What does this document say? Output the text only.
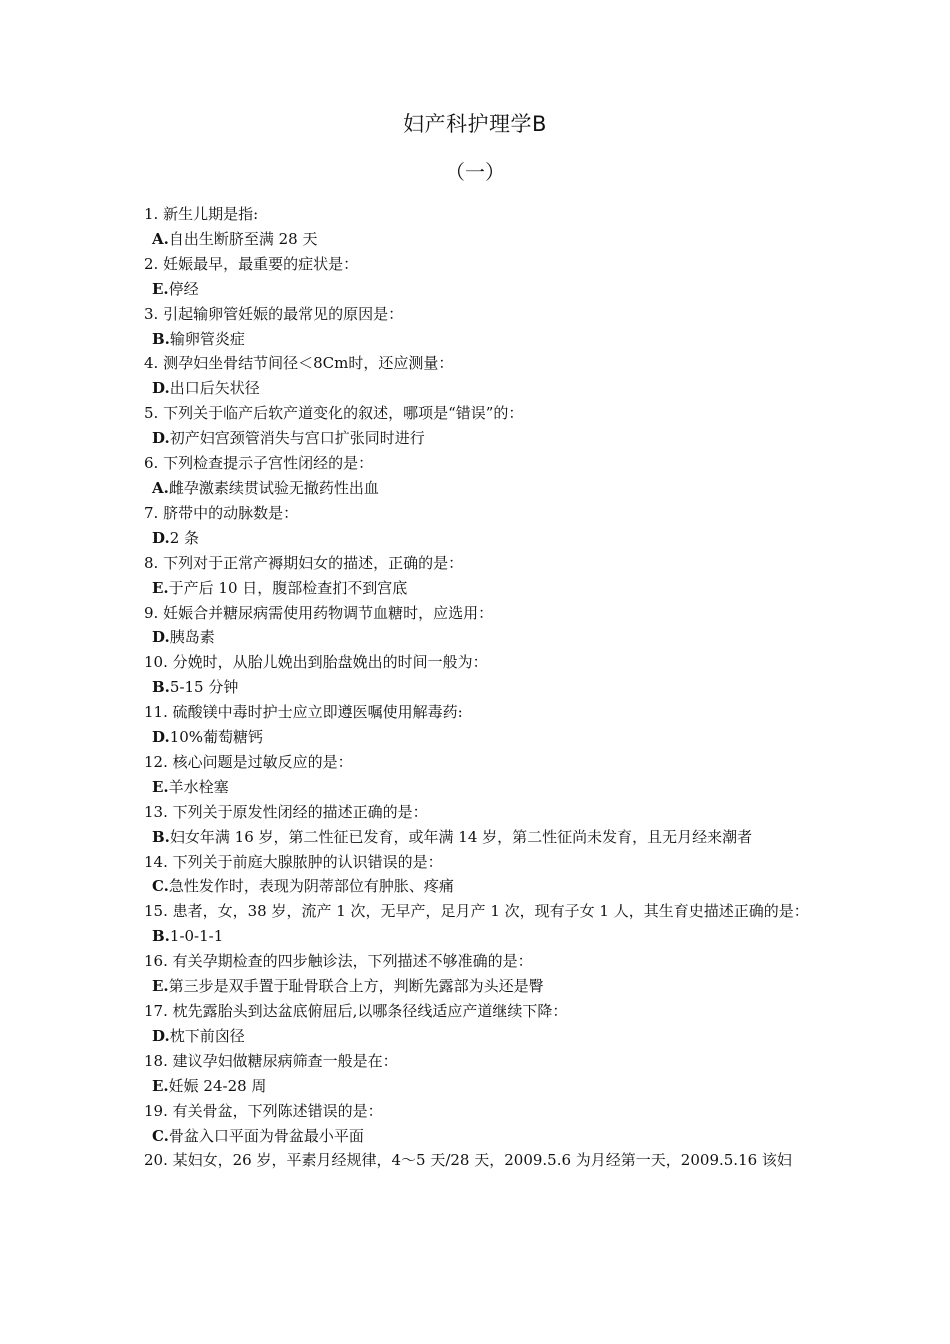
妇产科护理学B
（一）
1. 新生儿期是指:
A.自出生断脐至满 28 天
2. 妊娠最早，最重要的症状是：
E.停经
3. 引起输卵管妊娠的最常见的原因是：
B.输卵管炎症
4. 测孕妇坐骨结节间径＜8Cm时，还应测量：
D.出口后矢状径
5. 下列关于临产后软产道变化的叙述，哪项是“错误”的：
D.初产妇宫颈管消失与宫口扩张同时进行
6. 下列检查提示子宫性闭经的是：
A.雌孕激素续贯试验无撤药性出血
7. 脐带中的动脉数是：
D.2 条
8. 下列对于正常产褥期妇女的描述，正确的是：
E.于产后 10 日，腹部检查扪不到宫底
9. 妊娠合并糖尿病需使用药物调节血糖时，应选用：
D.胰岛素
10. 分娩时，从胎儿娩出到胎盘娩出的时间一般为：
B.5-15 分钟
11. 硫酸镁中毒时护士应立即遵医嘱使用解毒药:
D.10%葡萄糖钙
12. 核心问题是过敏反应的是：
E.羊水栓塞
13. 下列关于原发性闭经的描述正确的是：
B.妇女年满 16 岁，第二性征已发育，或年满 14 岁，第二性征尚未发育，且无月经来潮者
14. 下列关于前庭大腺脓肿的认识错误的是：
C.急性发作时，表现为阴蒂部位有肿胀、疼痛
15. 患者，女，38 岁，流产 1 次，无早产，足月产 1 次，现有子女 1 人，其生育史描述正确的是：
B.1-0-1-1
16. 有关孕期检查的四步触诊法，下列描述不够准确的是：
E.第三步是双手置于耻骨联合上方，判断先露部为头还是臀
17. 枕先露胎头到达盆底俯屈后,以哪条径线适应产道继续下降：
D.枕下前囟径
18. 建议孕妇做糖尿病筛查一般是在：
E.妊娠 24-28 周
19. 有关骨盆，下列陈述错误的是：
C.骨盆入口平面为骨盆最小平面
20. 某妇女，26 岁，平素月经规律，4～5 天/28 天，2009.5.6 为月经第一天，2009.5.16 该妇
